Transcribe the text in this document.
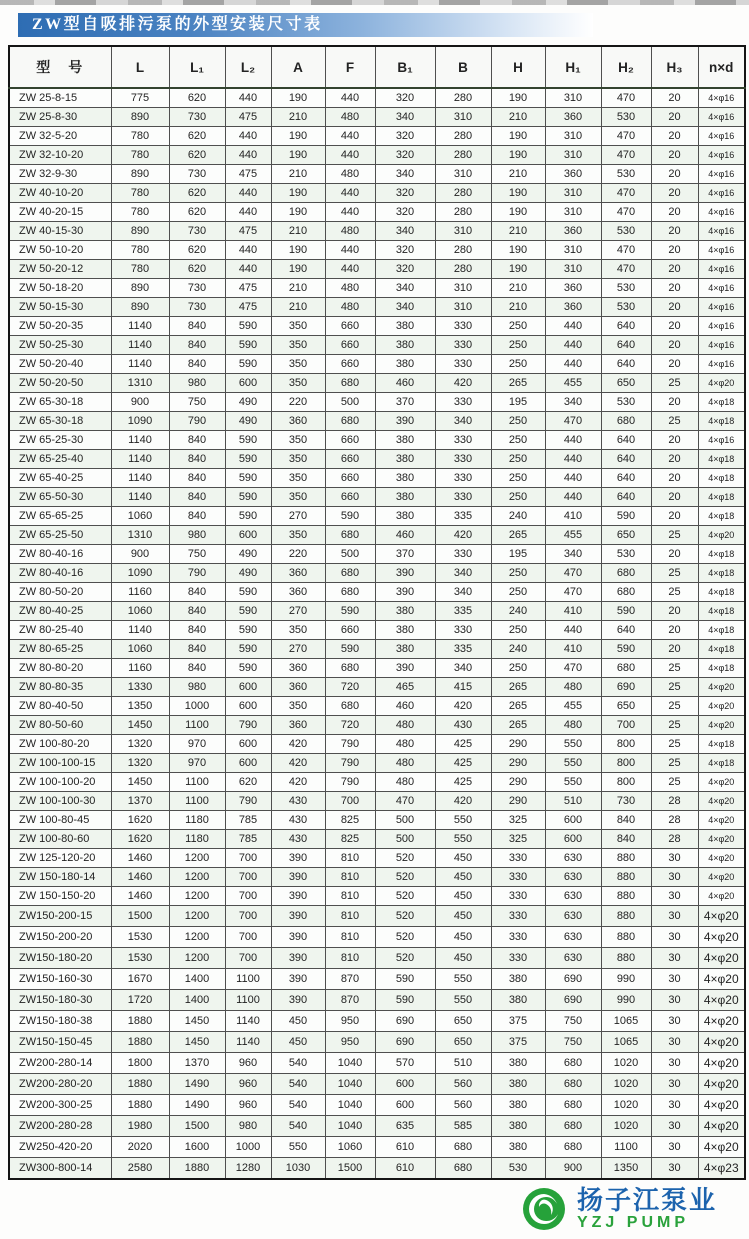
ZW型自吸排污泵的外型安装尺寸表
型　号	L	L₁	L₂	A	F	B₁	B	H	H₁	H₂	H₃	n×d
ZW 25-8-15	775	620	440	190	440	320	280	190	310	470	20	4×φ16
ZW 25-8-30	890	730	475	210	480	340	310	210	360	530	20	4×φ16
ZW 32-5-20	780	620	440	190	440	320	280	190	310	470	20	4×φ16
ZW 32-10-20	780	620	440	190	440	320	280	190	310	470	20	4×φ16
ZW 32-9-30	890	730	475	210	480	340	310	210	360	530	20	4×φ16
ZW 40-10-20	780	620	440	190	440	320	280	190	310	470	20	4×φ16
ZW 40-20-15	780	620	440	190	440	320	280	190	310	470	20	4×φ16
ZW 40-15-30	890	730	475	210	480	340	310	210	360	530	20	4×φ16
ZW 50-10-20	780	620	440	190	440	320	280	190	310	470	20	4×φ16
ZW 50-20-12	780	620	440	190	440	320	280	190	310	470	20	4×φ16
ZW 50-18-20	890	730	475	210	480	340	310	210	360	530	20	4×φ16
ZW 50-15-30	890	730	475	210	480	340	310	210	360	530	20	4×φ16
ZW 50-20-35	1140	840	590	350	660	380	330	250	440	640	20	4×φ16
ZW 50-25-30	1140	840	590	350	660	380	330	250	440	640	20	4×φ16
ZW 50-20-40	1140	840	590	350	660	380	330	250	440	640	20	4×φ16
ZW 50-20-50	1310	980	600	350	680	460	420	265	455	650	25	4×φ20
ZW 65-30-18	900	750	490	220	500	370	330	195	340	530	20	4×φ18
ZW 65-30-18	1090	790	490	360	680	390	340	250	470	680	25	4×φ18
ZW 65-25-30	1140	840	590	350	660	380	330	250	440	640	20	4×φ16
ZW 65-25-40	1140	840	590	350	660	380	330	250	440	640	20	4×φ18
ZW 65-40-25	1140	840	590	350	660	380	330	250	440	640	20	4×φ18
ZW 65-50-30	1140	840	590	350	660	380	330	250	440	640	20	4×φ18
ZW 65-65-25	1060	840	590	270	590	380	335	240	410	590	20	4×φ18
ZW 65-25-50	1310	980	600	350	680	460	420	265	455	650	25	4×φ20
ZW 80-40-16	900	750	490	220	500	370	330	195	340	530	20	4×φ18
ZW 80-40-16	1090	790	490	360	680	390	340	250	470	680	25	4×φ18
ZW 80-50-20	1160	840	590	360	680	390	340	250	470	680	25	4×φ18
ZW 80-40-25	1060	840	590	270	590	380	335	240	410	590	20	4×φ18
ZW 80-25-40	1140	840	590	350	660	380	330	250	440	640	20	4×φ18
ZW 80-65-25	1060	840	590	270	590	380	335	240	410	590	20	4×φ18
ZW 80-80-20	1160	840	590	360	680	390	340	250	470	680	25	4×φ18
ZW 80-80-35	1330	980	600	360	720	465	415	265	480	690	25	4×φ20
ZW 80-40-50	1350	1000	600	350	680	460	420	265	455	650	25	4×φ20
ZW 80-50-60	1450	1100	790	360	720	480	430	265	480	700	25	4×φ20
ZW 100-80-20	1320	970	600	420	790	480	425	290	550	800	25	4×φ18
ZW 100-100-15	1320	970	600	420	790	480	425	290	550	800	25	4×φ18
ZW 100-100-20	1450	1100	620	420	790	480	425	290	550	800	25	4×φ20
ZW 100-100-30	1370	1100	790	430	700	470	420	290	510	730	28	4×φ20
ZW 100-80-45	1620	1180	785	430	825	500	550	325	600	840	28	4×φ20
ZW 100-80-60	1620	1180	785	430	825	500	550	325	600	840	28	4×φ20
ZW 125-120-20	1460	1200	700	390	810	520	450	330	630	880	30	4×φ20
ZW 150-180-14	1460	1200	700	390	810	520	450	330	630	880	30	4×φ20
ZW 150-150-20	1460	1200	700	390	810	520	450	330	630	880	30	4×φ20
ZW150-200-15	1500	1200	700	390	810	520	450	330	630	880	30	4×φ20
ZW150-200-20	1530	1200	700	390	810	520	450	330	630	880	30	4×φ20
ZW150-180-20	1530	1200	700	390	810	520	450	330	630	880	30	4×φ20
ZW150-160-30	1670	1400	1100	390	870	590	550	380	690	990	30	4×φ20
ZW150-180-30	1720	1400	1100	390	870	590	550	380	690	990	30	4×φ20
ZW150-180-38	1880	1450	1140	450	950	690	650	375	750	1065	30	4×φ20
ZW150-150-45	1880	1450	1140	450	950	690	650	375	750	1065	30	4×φ20
ZW200-280-14	1800	1370	960	540	1040	570	510	380	680	1020	30	4×φ20
ZW200-280-20	1880	1490	960	540	1040	600	560	380	680	1020	30	4×φ20
ZW200-300-25	1880	1490	960	540	1040	600	560	380	680	1020	30	4×φ20
ZW200-280-28	1980	1500	980	540	1040	635	585	380	680	1020	30	4×φ20
ZW250-420-20	2020	1600	1000	550	1060	610	680	380	680	1100	30	4×φ20
ZW300-800-14	2580	1880	1280	1030	1500	610	680	530	900	1350	30	4×φ23
扬子江泵业
YZJ PUMP
